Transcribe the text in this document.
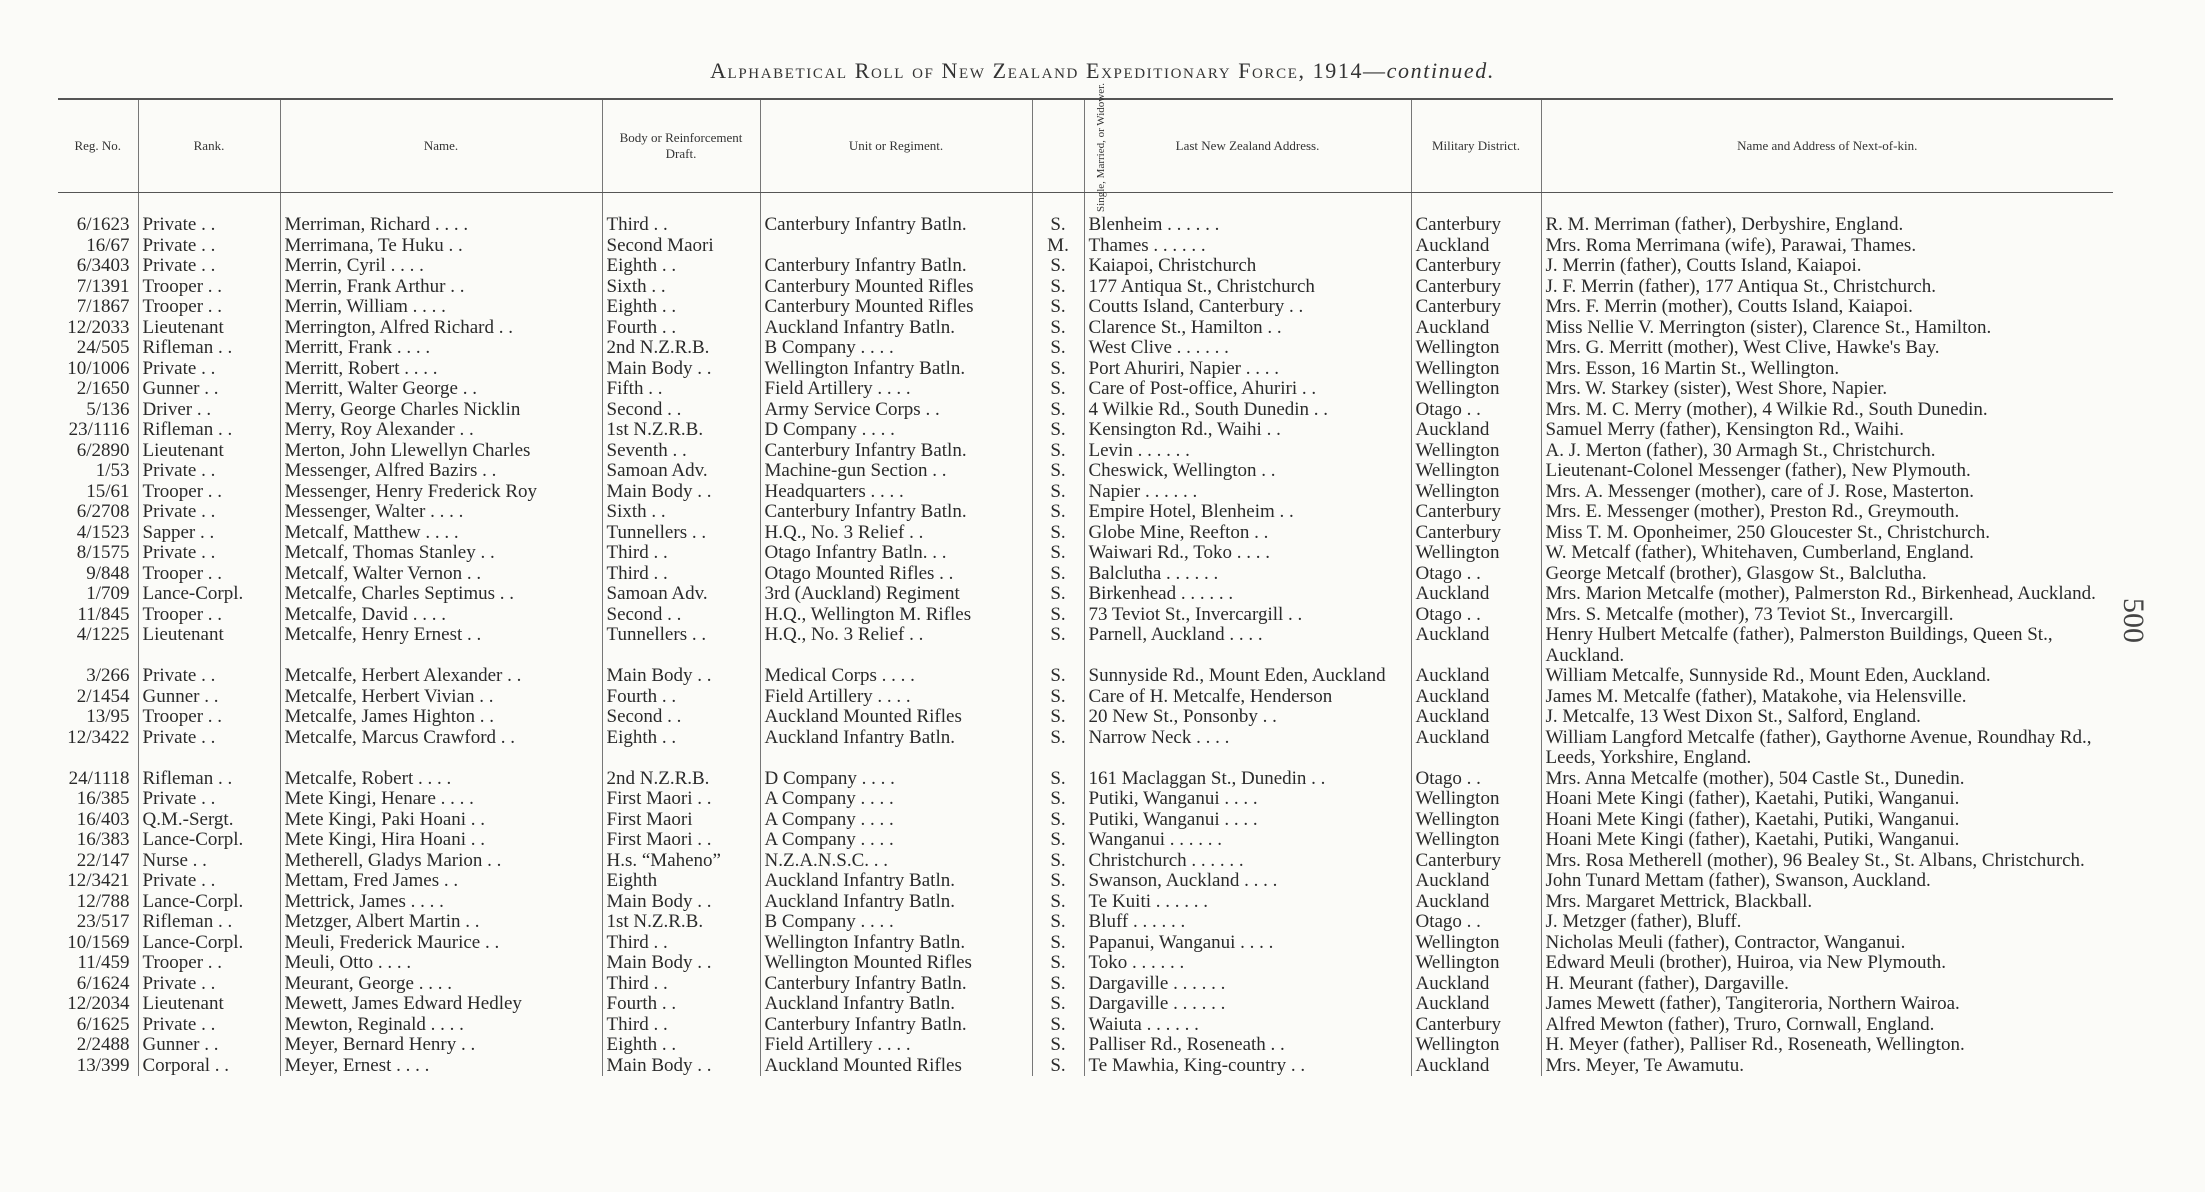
Alphabetical Roll of New Zealand Expeditionary Force, 1914—continued.
500
Reg. No.	Rank.	Name.	Body or Reinforcement Draft.	Unit or Regiment.	Single, Married, or Widower.	Last New Zealand Address.	Military District.	Name and Address of Next-of-kin.
6/1623	Private . .	Merriman, Richard . . . .	Third . .	Canterbury Infantry Batln.	S.	Blenheim . . . . . .	Canterbury	R. M. Merriman (father), Derbyshire, England.
16/67	Private . .	Merrimana, Te Huku . .	Second Maori		M.	Thames . . . . . .	Auckland	Mrs. Roma Merrimana (wife), Parawai, Thames.
6/3403	Private . .	Merrin, Cyril . . . .	Eighth . .	Canterbury Infantry Batln.	S.	Kaiapoi, Christchurch	Canterbury	J. Merrin (father), Coutts Island, Kaiapoi.
7/1391	Trooper . .	Merrin, Frank Arthur . .	Sixth . .	Canterbury Mounted Rifles	S.	177 Antiqua St., Christchurch	Canterbury	J. F. Merrin (father), 177 Antiqua St., Christchurch.
7/1867	Trooper . .	Merrin, William . . . .	Eighth . .	Canterbury Mounted Rifles	S.	Coutts Island, Canterbury . .	Canterbury	Mrs. F. Merrin (mother), Coutts Island, Kaiapoi.
12/2033	Lieutenant	Merrington, Alfred Richard . .	Fourth . .	Auckland Infantry Batln.	S.	Clarence St., Hamilton . .	Auckland	Miss Nellie V. Merrington (sister), Clarence St., Hamilton.
24/505	Rifleman . .	Merritt, Frank . . . .	2nd N.Z.R.B.	B Company . . . .	S.	West Clive . . . . . .	Wellington	Mrs. G. Merritt (mother), West Clive, Hawke's Bay.
10/1006	Private . .	Merritt, Robert . . . .	Main Body . .	Wellington Infantry Batln.	S.	Port Ahuriri, Napier . . . .	Wellington	Mrs. Esson, 16 Martin St., Wellington.
2/1650	Gunner . .	Merritt, Walter George . .	Fifth . .	Field Artillery . . . .	S.	Care of Post-office, Ahuriri . .	Wellington	Mrs. W. Starkey (sister), West Shore, Napier.
5/136	Driver . .	Merry, George Charles Nicklin	Second . .	Army Service Corps . .	S.	4 Wilkie Rd., South Dunedin . .	Otago . .	Mrs. M. C. Merry (mother), 4 Wilkie Rd., South Dunedin.
23/1116	Rifleman . .	Merry, Roy Alexander . .	1st N.Z.R.B.	D Company . . . .	S.	Kensington Rd., Waihi . .	Auckland	Samuel Merry (father), Kensington Rd., Waihi.
6/2890	Lieutenant	Merton, John Llewellyn Charles	Seventh . .	Canterbury Infantry Batln.	S.	Levin . . . . . .	Wellington	A. J. Merton (father), 30 Armagh St., Christchurch.
1/53	Private . .	Messenger, Alfred Bazirs . .	Samoan Adv.	Machine-gun Section . .	S.	Cheswick, Wellington . .	Wellington	Lieutenant-Colonel Messenger (father), New Plymouth.
15/61	Trooper . .	Messenger, Henry Frederick Roy	Main Body . .	Headquarters . . . .	S.	Napier . . . . . .	Wellington	Mrs. A. Messenger (mother), care of J. Rose, Masterton.
6/2708	Private . .	Messenger, Walter . . . .	Sixth . .	Canterbury Infantry Batln.	S.	Empire Hotel, Blenheim . .	Canterbury	Mrs. E. Messenger (mother), Preston Rd., Greymouth.
4/1523	Sapper . .	Metcalf, Matthew . . . .	Tunnellers . .	H.Q., No. 3 Relief . .	S.	Globe Mine, Reefton . .	Canterbury	Miss T. M. Oponheimer, 250 Gloucester St., Christchurch.
8/1575	Private . .	Metcalf, Thomas Stanley . .	Third . .	Otago Infantry Batln. . .	S.	Waiwari Rd., Toko . . . .	Wellington	W. Metcalf (father), Whitehaven, Cumberland, England.
9/848	Trooper . .	Metcalf, Walter Vernon . .	Third . .	Otago Mounted Rifles . .	S.	Balclutha . . . . . .	Otago . .	George Metcalf (brother), Glasgow St., Balclutha.
1/709	Lance-Corpl.	Metcalfe, Charles Septimus . .	Samoan Adv.	3rd (Auckland) Regiment	S.	Birkenhead . . . . . .	Auckland	Mrs. Marion Metcalfe (mother), Palmerston Rd., Birkenhead, Auckland.
11/845	Trooper . .	Metcalfe, David . . . .	Second . .	H.Q., Wellington M. Rifles	S.	73 Teviot St., Invercargill . .	Otago . .	Mrs. S. Metcalfe (mother), 73 Teviot St., Invercargill.
4/1225	Lieutenant	Metcalfe, Henry Ernest . .	Tunnellers . .	H.Q., No. 3 Relief . .	S.	Parnell, Auckland . . . .	Auckland	Henry Hulbert Metcalfe (father), Palmerston Buildings, Queen St., Auckland.
3/266	Private . .	Metcalfe, Herbert Alexander . .	Main Body . .	Medical Corps . . . .	S.	Sunnyside Rd., Mount Eden, Auckland	Auckland	William Metcalfe, Sunnyside Rd., Mount Eden, Auckland.
2/1454	Gunner . .	Metcalfe, Herbert Vivian . .	Fourth . .	Field Artillery . . . .	S.	Care of H. Metcalfe, Henderson	Auckland	James M. Metcalfe (father), Matakohe, via Helensville.
13/95	Trooper . .	Metcalfe, James Highton . .	Second . .	Auckland Mounted Rifles	S.	20 New St., Ponsonby . .	Auckland	J. Metcalfe, 13 West Dixon St., Salford, England.
12/3422	Private . .	Metcalfe, Marcus Crawford . .	Eighth . .	Auckland Infantry Batln.	S.	Narrow Neck . . . .	Auckland	William Langford Metcalfe (father), Gaythorne Avenue, Roundhay Rd., Leeds, Yorkshire, England.
24/1118	Rifleman . .	Metcalfe, Robert . . . .	2nd N.Z.R.B.	D Company . . . .	S.	161 Maclaggan St., Dunedin . .	Otago . .	Mrs. Anna Metcalfe (mother), 504 Castle St., Dunedin.
16/385	Private . .	Mete Kingi, Henare . . . .	First Maori . .	A Company . . . .	S.	Putiki, Wanganui . . . .	Wellington	Hoani Mete Kingi (father), Kaetahi, Putiki, Wanganui.
16/403	Q.M.-Sergt.	Mete Kingi, Paki Hoani . .	First Maori	A Company . . . .	S.	Putiki, Wanganui . . . .	Wellington	Hoani Mete Kingi (father), Kaetahi, Putiki, Wanganui.
16/383	Lance-Corpl.	Mete Kingi, Hira Hoani . .	First Maori . .	A Company . . . .	S.	Wanganui . . . . . .	Wellington	Hoani Mete Kingi (father), Kaetahi, Putiki, Wanganui.
22/147	Nurse . .	Metherell, Gladys Marion . .	H.s. “Maheno”	N.Z.A.N.S.C. . .	S.	Christchurch . . . . . .	Canterbury	Mrs. Rosa Metherell (mother), 96 Bealey St., St. Albans, Christchurch.
12/3421	Private . .	Mettam, Fred James . .	Eighth	Auckland Infantry Batln.	S.	Swanson, Auckland . . . .	Auckland	John Tunard Mettam (father), Swanson, Auckland.
12/788	Lance-Corpl.	Mettrick, James . . . .	Main Body . .	Auckland Infantry Batln.	S.	Te Kuiti . . . . . .	Auckland	Mrs. Margaret Mettrick, Blackball.
23/517	Rifleman . .	Metzger, Albert Martin . .	1st N.Z.R.B.	B Company . . . .	S.	Bluff . . . . . .	Otago . .	J. Metzger (father), Bluff.
10/1569	Lance-Corpl.	Meuli, Frederick Maurice . .	Third . .	Wellington Infantry Batln.	S.	Papanui, Wanganui . . . .	Wellington	Nicholas Meuli (father), Contractor, Wanganui.
11/459	Trooper . .	Meuli, Otto . . . .	Main Body . .	Wellington Mounted Rifles	S.	Toko . . . . . .	Wellington	Edward Meuli (brother), Huiroa, via New Plymouth.
6/1624	Private . .	Meurant, George . . . .	Third . .	Canterbury Infantry Batln.	S.	Dargaville . . . . . .	Auckland	H. Meurant (father), Dargaville.
12/2034	Lieutenant	Mewett, James Edward Hedley	Fourth . .	Auckland Infantry Batln.	S.	Dargaville . . . . . .	Auckland	James Mewett (father), Tangiteroria, Northern Wairoa.
6/1625	Private . .	Mewton, Reginald . . . .	Third . .	Canterbury Infantry Batln.	S.	Waiuta . . . . . .	Canterbury	Alfred Mewton (father), Truro, Cornwall, England.
2/2488	Gunner . .	Meyer, Bernard Henry . .	Eighth . .	Field Artillery . . . .	S.	Palliser Rd., Roseneath . .	Wellington	H. Meyer (father), Palliser Rd., Roseneath, Wellington.
13/399	Corporal . .	Meyer, Ernest . . . .	Main Body . .	Auckland Mounted Rifles	S.	Te Mawhia, King-country . .	Auckland	Mrs. Meyer, Te Awamutu.
